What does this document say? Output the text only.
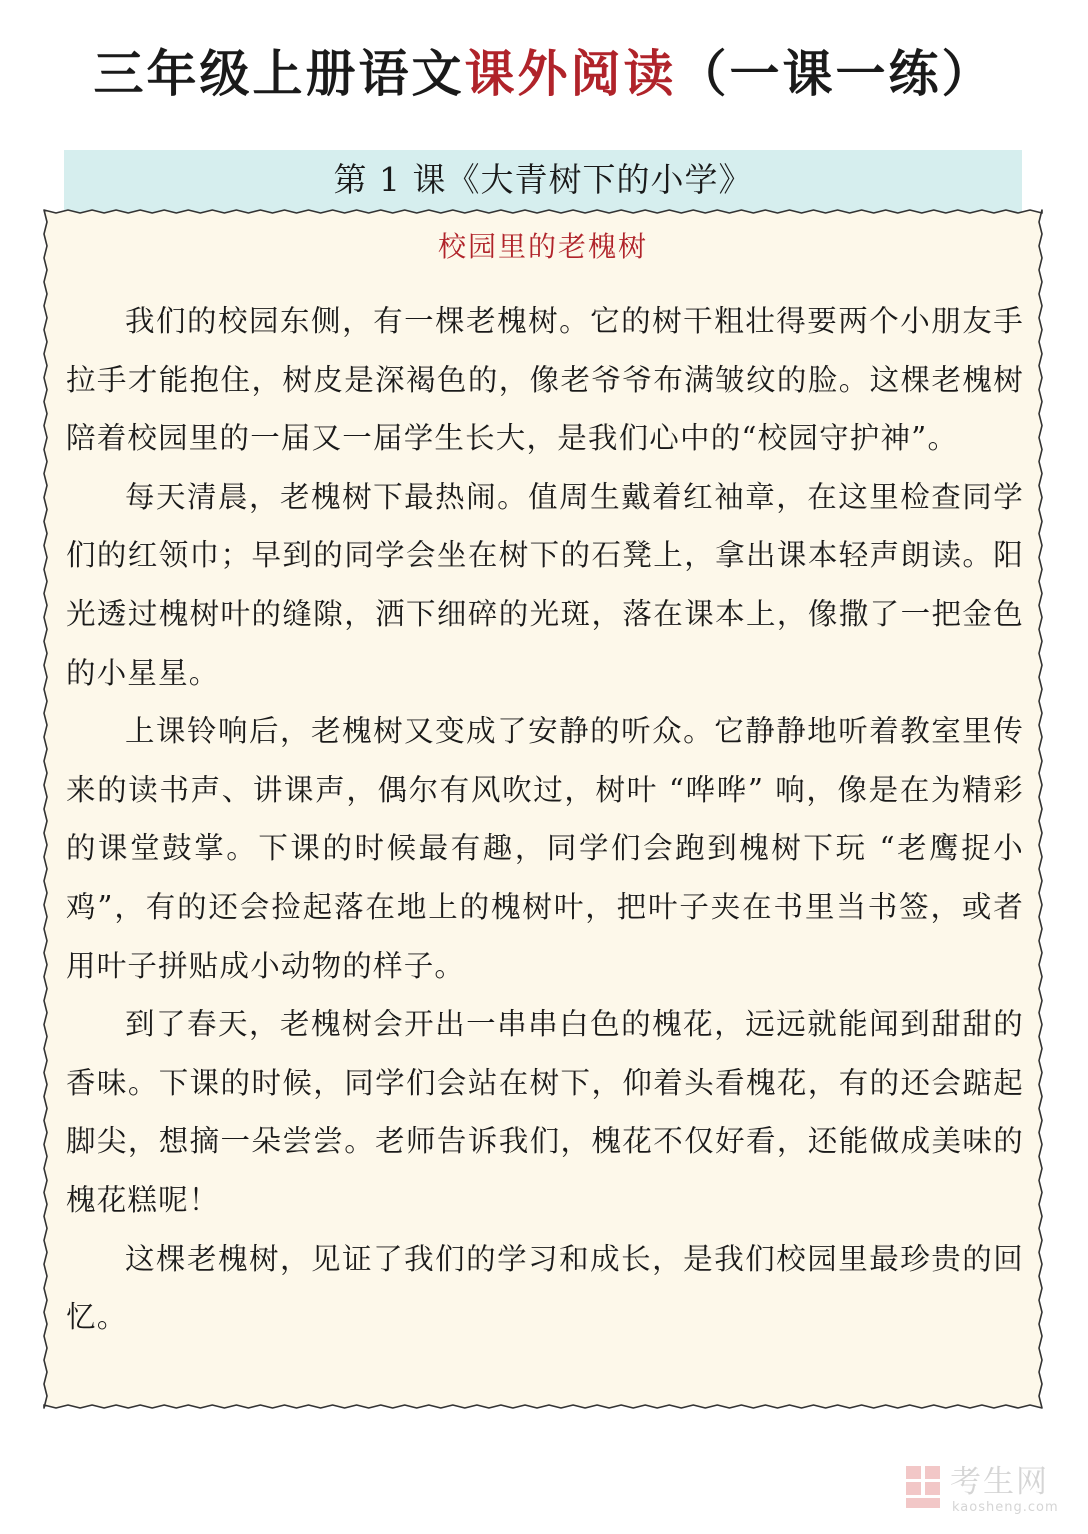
三年级上册语文课外阅读（一课一练）
第 1 课《大青树下的小学》
校园里的老槐树

我们的校园东侧，有一棵老槐树。它的树干粗壮得要两个小朋友手拉手才能抱住，树皮是深褐色的，像老爷爷布满皱纹的脸。这棵老槐树陪着校园里的一届又一届学生长大，是我们心中的“校园守护神”。

每天清晨，老槐树下最热闹。值周生戴着红袖章，在这里检查同学们的红领巾；早到的同学会坐在树下的石凳上，拿出课本轻声朗读。阳光透过槐树叶的缝隙，洒下细碎的光斑，落在课本上，像撒了一把金色的小星星。

上课铃响后，老槐树又变成了安静的听众。它静静地听着教室里传来的读书声、讲课声，偶尔有风吹过，树叶 “哗哗” 响，像是在为精彩的课堂鼓掌。下课的时候最有趣，同学们会跑到槐树下玩 “老鹰捉小鸡”，有的还会捡起落在地上的槐树叶，把叶子夹在书里当书签，或者用叶子拼贴成小动物的样子。

到了春天，老槐树会开出一串串白色的槐花，远远就能闻到甜甜的香味。下课的时候，同学们会站在树下，仰着头看槐花，有的还会踮起脚尖，想摘一朵尝尝。老师告诉我们，槐花不仅好看，还能做成美味的槐花糕呢！

这棵老槐树，见证了我们的学习和成长，是我们校园里最珍贵的回忆。

考生网
kaosheng.com
